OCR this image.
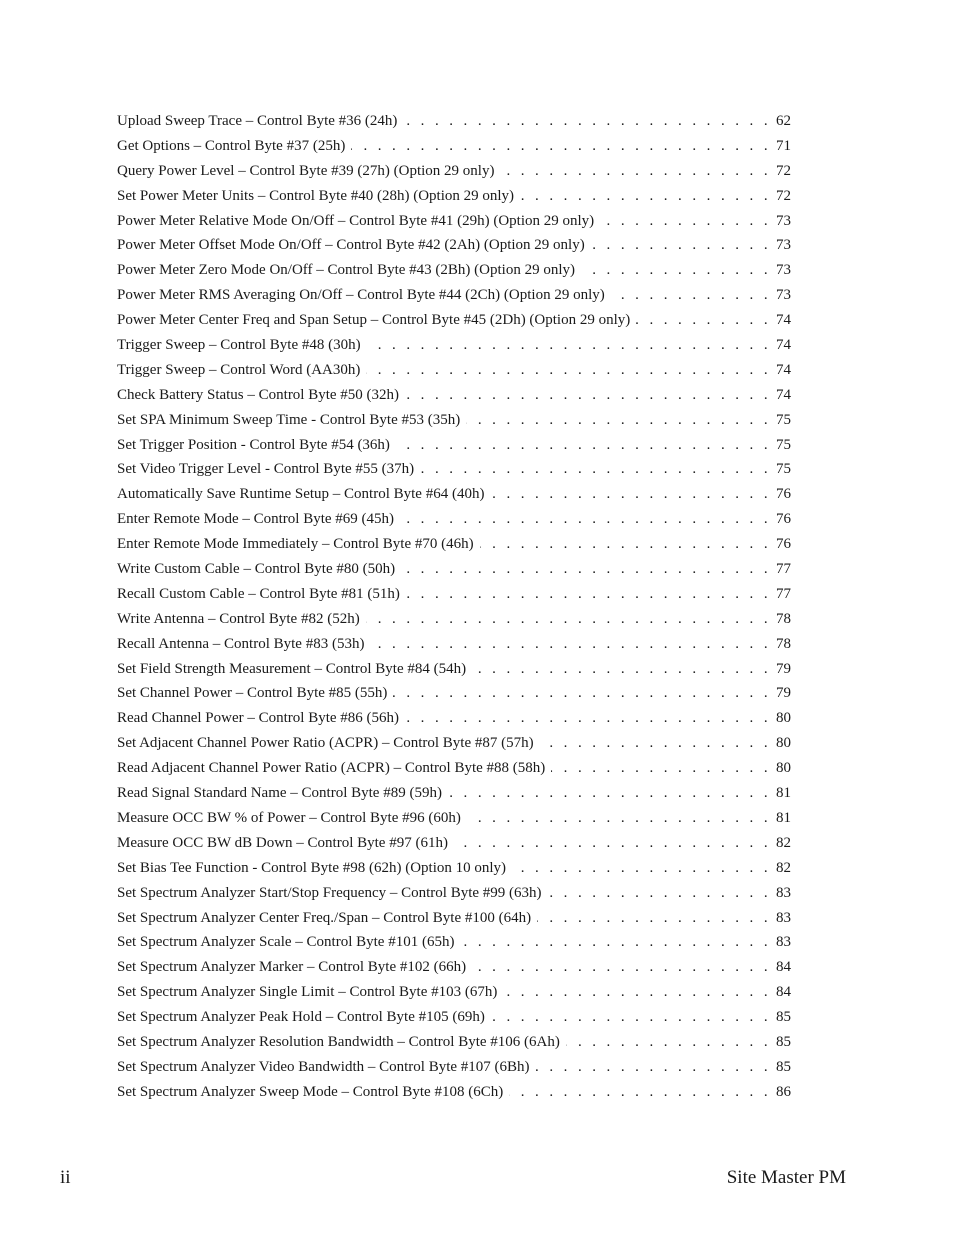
Upload Sweep Trace – Control Byte #36 (24h) . . .	62
Get Options – Control Byte #37 (25h) . . .	71
Query Power Level – Control Byte #39 (27h) (Option 29 only) . . .	72
Set Power Meter Units – Control Byte #40 (28h) (Option 29 only) . . .	72
Power Meter Relative Mode On/Off – Control Byte #41 (29h) (Option 29 only) . . .	73
Power Meter Offset Mode On/Off – Control Byte #42 (2Ah) (Option 29 only) . . .	73
Power Meter Zero Mode On/Off – Control Byte #43 (2Bh) (Option 29 only) . . .	73
Power Meter RMS Averaging On/Off – Control Byte #44 (2Ch) (Option 29 only) . . .	73
Power Meter Center Freq and Span Setup – Control Byte #45 (2Dh) (Option 29 only) . . .	74
Trigger Sweep – Control Byte #48 (30h) . . .	74
Trigger Sweep – Control Word (AA30h) . . .	74
Check Battery Status – Control Byte #50 (32h) . . .	74
Set SPA Minimum Sweep Time - Control Byte #53 (35h) . . .	75
Set Trigger Position - Control Byte #54 (36h) . . .	75
Set Video Trigger Level - Control Byte #55 (37h) . . .	75
Automatically Save Runtime Setup – Control Byte #64 (40h) . . .	76
Enter Remote Mode – Control Byte #69 (45h) . . .	76
Enter Remote Mode Immediately – Control Byte #70 (46h) . . .	76
Write Custom Cable – Control Byte #80 (50h) . . .	77
Recall Custom Cable – Control Byte #81 (51h) . . .	77
Write Antenna – Control Byte #82 (52h) . . .	78
Recall Antenna – Control Byte #83 (53h) . . .	78
Set Field Strength Measurement – Control Byte #84 (54h) . . .	79
Set Channel Power – Control Byte #85 (55h) . . .	79
Read Channel Power – Control Byte #86 (56h) . . .	80
Set Adjacent Channel Power Ratio (ACPR) – Control Byte #87 (57h) . . .	80
Read Adjacent Channel Power Ratio (ACPR) – Control Byte #88 (58h) . . .	80
Read Signal Standard Name – Control Byte #89 (59h) . . .	81
Measure OCC BW % of Power – Control Byte #96 (60h) . . .	81
Measure OCC BW dB Down – Control Byte #97 (61h) . . .	82
Set Bias Tee Function - Control Byte #98 (62h) (Option 10 only) . . .	82
Set Spectrum Analyzer Start/Stop Frequency – Control Byte #99 (63h) . . .	83
Set Spectrum Analyzer Center Freq./Span – Control Byte #100 (64h) . . .	83
Set Spectrum Analyzer Scale – Control Byte #101 (65h) . . .	83
Set Spectrum Analyzer Marker – Control Byte #102 (66h) . . .	84
Set Spectrum Analyzer Single Limit – Control Byte #103 (67h) . . .	84
Set Spectrum Analyzer Peak Hold – Control Byte #105 (69h) . . .	85
Set Spectrum Analyzer Resolution Bandwidth – Control Byte #106 (6Ah) . . .	85
Set Spectrum Analyzer Video Bandwidth – Control Byte #107 (6Bh) . . .	85
Set Spectrum Analyzer Sweep Mode – Control Byte #108 (6Ch) . . .	86
ii	Site Master PM
